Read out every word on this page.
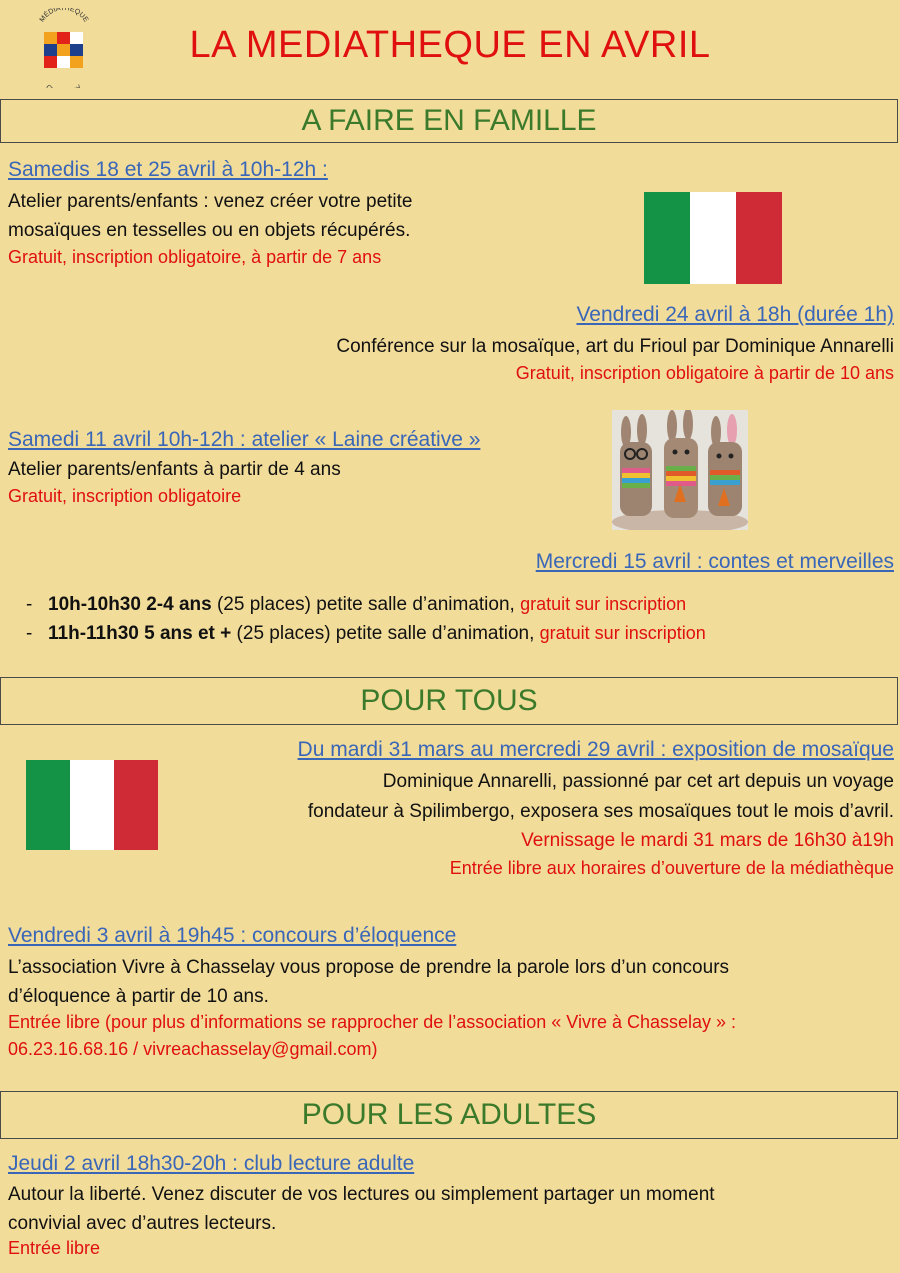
MÉDIATHÈQUE
LA MEDIATHEQUE EN AVRIL
A FAIRE EN FAMILLE
Samedis 18 et 25 avril à 10h-12h :
Atelier parents/enfants : venez créer votre petite
mosaïques en tesselles ou en objets récupérés.
Gratuit, inscription obligatoire, à partir de 7 ans
Vendredi 24 avril à 18h (durée 1h)
Conférence sur la mosaïque, art du Frioul par Dominique Annarelli
Gratuit, inscription obligatoire à partir de 10 ans
Samedi 11 avril 10h-12h : atelier « Laine créative »
Atelier parents/enfants à partir de 4 ans
Gratuit, inscription obligatoire
Mercredi 15 avril : contes et merveilles
- 10h-10h30 2-4 ans (25 places) petite salle d’animation, gratuit sur inscription
- 11h-11h30 5 ans et + (25 places) petite salle d’animation, gratuit sur inscription
POUR TOUS
Du mardi 31 mars au mercredi 29 avril : exposition de mosaïque
Dominique Annarelli, passionné par cet art depuis un voyage
fondateur à Spilimbergo, exposera ses mosaïques tout le mois d’avril.
Vernissage le mardi 31 mars de 16h30 à19h
Entrée libre aux horaires d’ouverture de la médiathèque
Vendredi 3 avril à 19h45 : concours d’éloquence
L’association Vivre à Chasselay vous propose de prendre la parole lors d’un concours
d’éloquence à partir de 10 ans.
Entrée libre (pour plus d’informations se rapprocher de l’association « Vivre à Chasselay » :
06.23.16.68.16 / vivreachasselay@gmail.com)
POUR LES ADULTES
Jeudi 2 avril 18h30-20h : club lecture adulte
Autour la liberté. Venez discuter de vos lectures ou simplement partager un moment
convivial avec d’autres lecteurs.
Entrée libre
